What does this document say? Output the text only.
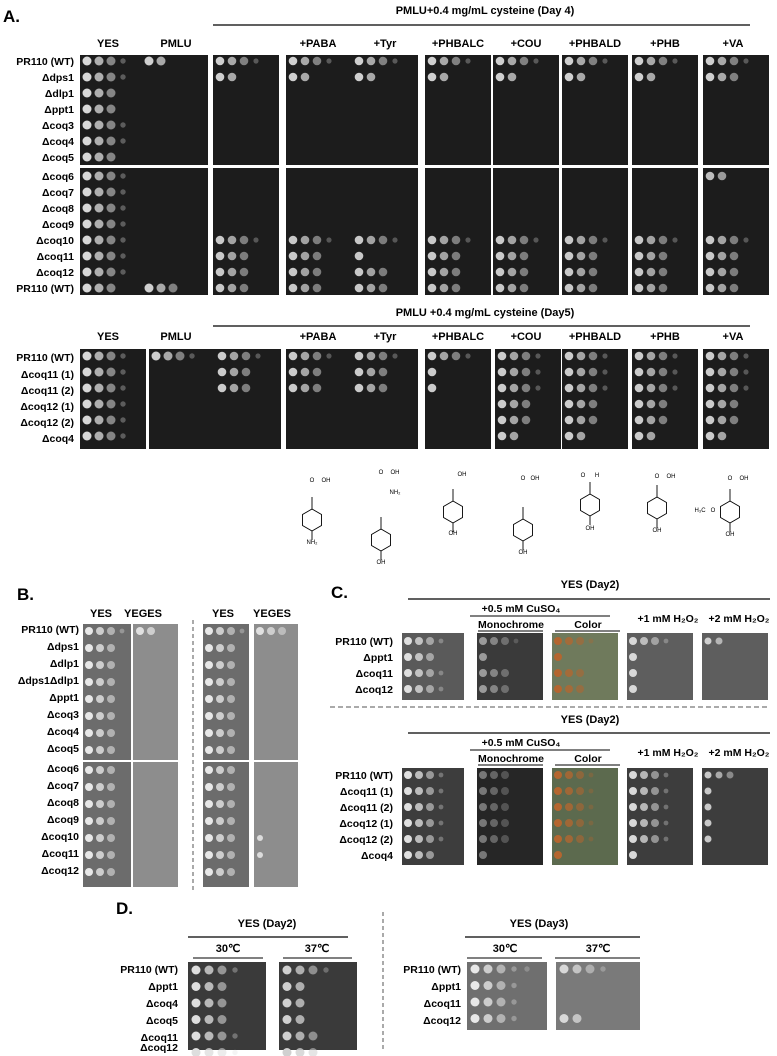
A.	PMLU+0.4 mg/mL cysteine (Day 4)
YES	PMLU	+PABA	+Tyr	+PHBALC +COU +PHBALD	+PHB	+VA
PR110 (WT)
Δdps1
Δdlp1
Δppt1
Δcoq3
Δcoq4
Δcoq5
Δcoq6
Δcoq7
Δcoq8
Δcoq9
Δcoq10
Δcoq11
Δcoq12
PR110 (WT)
PMLU +0.4 mg/mL cysteine (Day5)
YES	PMLU	+PABA	+Tyr	+PHBALC +COU +PHBALD	+PHB	+VA
PR110 (WT)
Δcoq11 (1)
Δcoq11 (2)
Δcoq12 (1)
Δcoq12 (2)
Δcoq4
O OH
NH₂
O OH
NH₂
OH
OH
OH
O OH
OH
O H
OH
O OH
OH
O OH
OH
H₃C O
B.
YES YEGES	YES YEGES
PR110 (WT)
Δdps1
Δdlp1
Δdps1Δdlp1
Δppt1
Δcoq3
Δcoq4
Δcoq5
Δcoq6
Δcoq7
Δcoq8
Δcoq9
Δcoq10
Δcoq11
Δcoq12
C.	YES (Day2)
+0.5 mM CuSO₄
Monochrome	Color	+1 mM H₂O₂ +2 mM H₂O₂
PR110 (WT)
Δppt1
Δcoq11
Δcoq12
YES (Day2)
+0.5 mM CuSO₄
Monochrome	Color	+1 mM H₂O₂ +2 mM H₂O₂
PR110 (WT)
Δcoq11 (1)
Δcoq11 (2)
Δcoq12 (1)
Δcoq12 (2)
Δcoq4
D.
YES (Day2)
30℃	37℃
PR110 (WT)
Δppt1
Δcoq4
Δcoq5
Δcoq11
Δcoq12
YES (Day3)
30℃	37℃
PR110 (WT)
Δppt1
Δcoq11
Δcoq12
